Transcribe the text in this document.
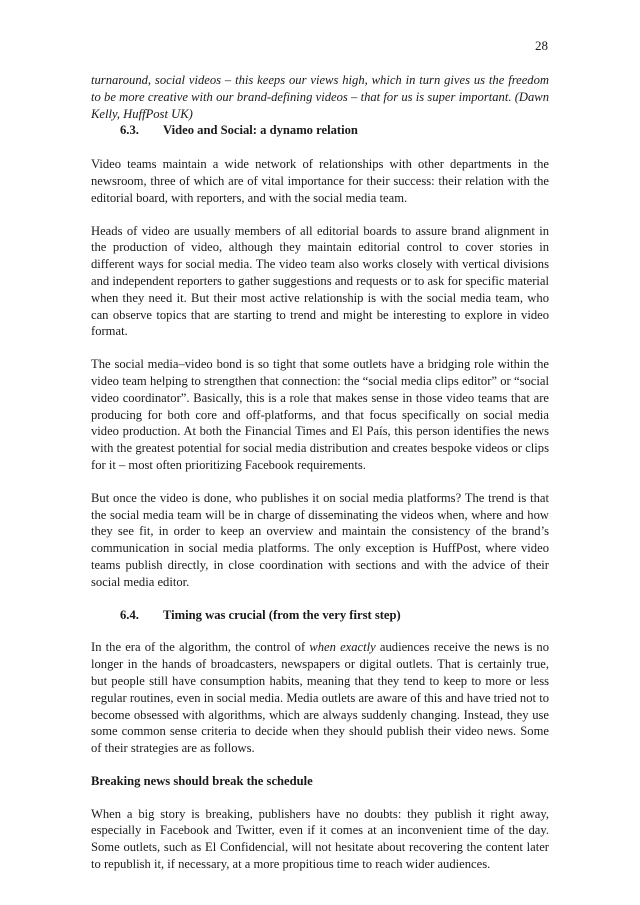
28

turnaround, social videos – this keeps our views high, which in turn gives us the freedom to be more creative with our brand-defining videos – that for us is super important. (Dawn Kelly, HuffPost UK)

6.3. Video and Social: a dynamo relation

Video teams maintain a wide network of relationships with other departments in the newsroom, three of which are of vital importance for their success: their relation with the editorial board, with reporters, and with the social media team.

Heads of video are usually members of all editorial boards to assure brand alignment in the production of video, although they maintain editorial control to cover stories in different ways for social media. The video team also works closely with vertical divisions and independent reporters to gather suggestions and requests or to ask for specific material when they need it. But their most active relationship is with the social media team, who can observe topics that are starting to trend and might be interesting to explore in video format.

The social media–video bond is so tight that some outlets have a bridging role within the video team helping to strengthen that connection: the “social media clips editor” or “social video coordinator”. Basically, this is a role that makes sense in those video teams that are producing for both core and off-platforms, and that focus specifically on social media video production. At both the Financial Times and El País, this person identifies the news with the greatest potential for social media distribution and creates bespoke videos or clips for it – most often prioritizing Facebook requirements.

But once the video is done, who publishes it on social media platforms? The trend is that the social media team will be in charge of disseminating the videos when, where and how they see fit, in order to keep an overview and maintain the consistency of the brand’s communication in social media platforms. The only exception is HuffPost, where video teams publish directly, in close coordination with sections and with the advice of their social media editor.

6.4. Timing was crucial (from the very first step)

In the era of the algorithm, the control of when exactly audiences receive the news is no longer in the hands of broadcasters, newspapers or digital outlets. That is certainly true, but people still have consumption habits, meaning that they tend to keep to more or less regular routines, even in social media. Media outlets are aware of this and have tried not to become obsessed with algorithms, which are always suddenly changing. Instead, they use some common sense criteria to decide when they should publish their video news. Some of their strategies are as follows.

Breaking news should break the schedule

When a big story is breaking, publishers have no doubts: they publish it right away, especially in Facebook and Twitter, even if it comes at an inconvenient time of the day. Some outlets, such as El Confidencial, will not hesitate about recovering the content later to republish it, if necessary, at a more propitious time to reach wider audiences.
